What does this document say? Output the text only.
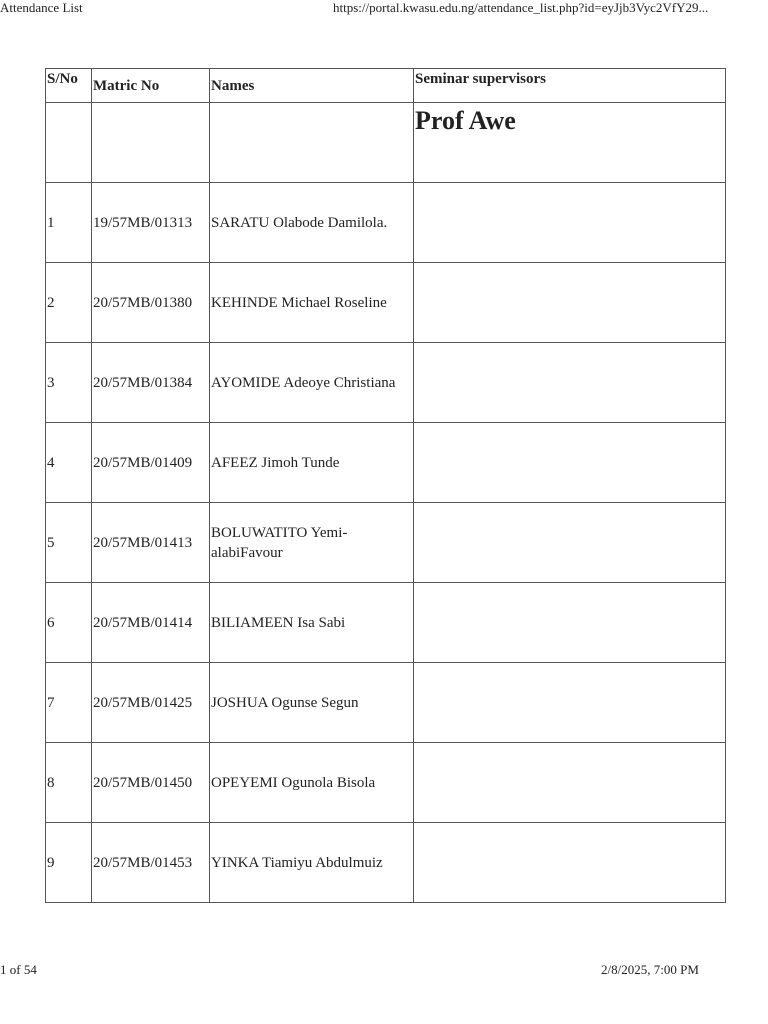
Attendance List	https://portal.kwasu.edu.ng/attendance_list.php?id=eyJjb3Vyc2VfY29...
S/No	Matric No	Names	Seminar supervisors

			Prof Awe

1	19/57MB/01313	SARATU Olabode Damilola.	
2	20/57MB/01380	KEHINDE Michael Roseline	
3	20/57MB/01384	AYOMIDE Adeoye Christiana	
4	20/57MB/01409	AFEEZ Jimoh Tunde	
5	20/57MB/01413	BOLUWATITO Yemi-alabiFavour	
6	20/57MB/01414	BILIAMEEN Isa Sabi	
7	20/57MB/01425	JOSHUA Ogunse Segun	
8	20/57MB/01450	OPEYEMI Ogunola Bisola	
9	20/57MB/01453	YINKA Tiamiyu Abdulmuiz	
1 of 54	2/8/2025, 7:00 PM
